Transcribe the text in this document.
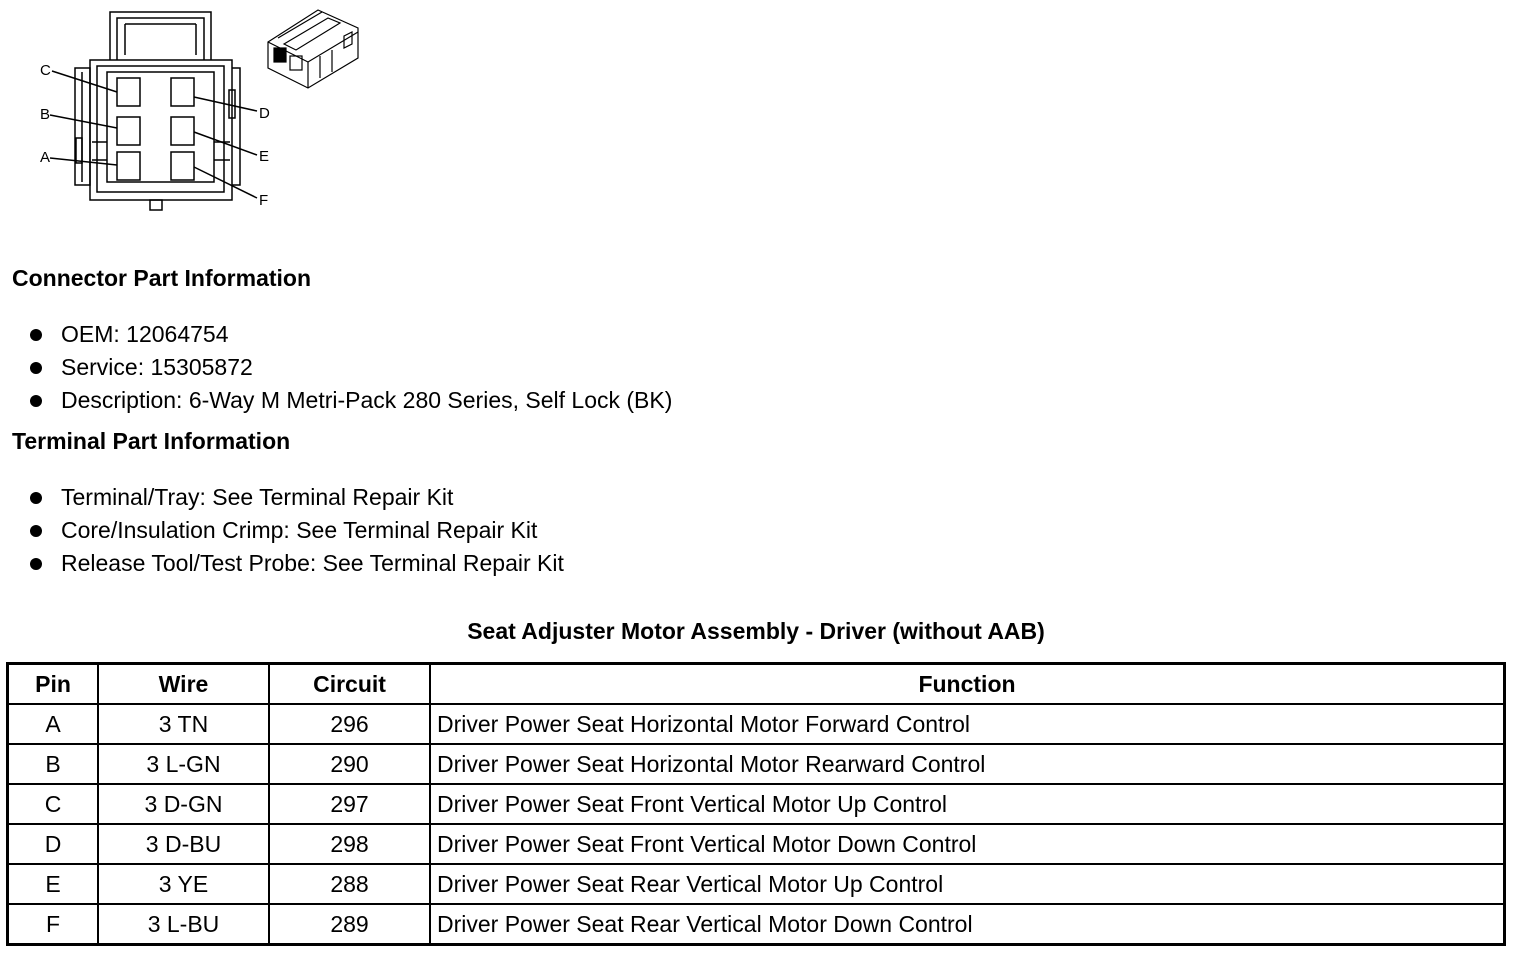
C
B
A
D
E
F
Connector Part Information
OEM: 12064754
Service: 15305872
Description: 6-Way M Metri-Pack 280 Series, Self Lock (BK)
Terminal Part Information
Terminal/Tray: See Terminal Repair Kit
Core/Insulation Crimp: See Terminal Repair Kit
Release Tool/Test Probe: See Terminal Repair Kit
Seat Adjuster Motor Assembly - Driver (without AAB)
Pin	Wire	Circuit	Function
A	3 TN	296	Driver Power Seat Horizontal Motor Forward Control
B	3 L-GN	290	Driver Power Seat Horizontal Motor Rearward Control
C	3 D-GN	297	Driver Power Seat Front Vertical Motor Up Control
D	3 D-BU	298	Driver Power Seat Front Vertical Motor Down Control
E	3 YE	288	Driver Power Seat Rear Vertical Motor Up Control
F	3 L-BU	289	Driver Power Seat Rear Vertical Motor Down Control
